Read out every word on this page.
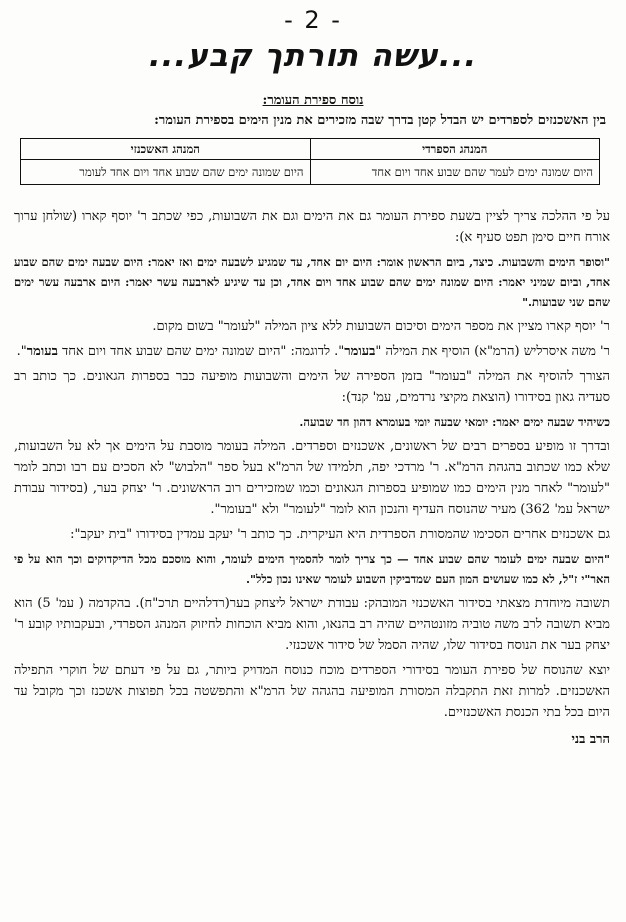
- 2 -
...עשה תורתך קבע...
נוסח ספירת העומר:
בין האשכנזים לספרדים יש הבדל קטן בדרך שבה מזכירים את מנין הימים בספירת העומר:
המנהג הספרדי	המנהג האשכנזי
היום שמונה ימים לעמר שהם שבוע אחד ויום אחד	היום שמונה ימים שהם שבוע אחד ויום אחד לעומר

על פי ההלכה צריך לציין בשעת ספירת העומר גם את הימים וגם את השבועות, כפי שכתב ר' יוסף קארו (שולחן ערוך אורח חיים סימן תפט סעיף א):

"וסופר הימים והשבועות. כיצד, ביום הראשון אומר: היום יום אחד, עד שמגיע לשבעה ימים ואז יאמר: היום שבעה ימים שהם שבוע אחד, וביום שמיני יאמר: היום שמונה ימים שהם שבוע אחד ויום אחד, וכן עד שיגיע לארבעה עשר יאמר: היום ארבעה עשר ימים שהם שני שבועות."

ר' יוסף קארו מציין את מספר הימים וסיכום השבועות ללא ציון המילה "לעומר" בשום מקום.

ר' משה איסרליש (הרמ"א) הוסיף את המילה "בעומר". לדוגמה: "היום שמונה ימים שהם שבוע אחד ויום אחד בעומר".

הצורך להוסיף את המילה "בעומר" בזמן הספירה של הימים והשבועות מופיעה כבר בספרות הגאונים. כך כותב רב סעדיה גאון בסידורו (הוצאת מקיצי נרדמים, עמ' קנד):

כשיהיד שבעה ימים יאמר: יומאי שבעה יומי בעומרא דהון חד שבועה.

ובדרך זו מופיע בספרים רבים של ראשונים, אשכנזים וספרדים. המילה בעומר מוסבת על הימים אך לא על השבועות, שלא כמו שכתוב בהגהת הרמ"א. ר' מרדכי יפה, תלמידו של הרמ"א בעל ספר "הלבוש" לא הסכים עם רבו וכתב לומר "לעומר" לאחר מנין הימים כמו שמופיע בספרות הגאונים וכמו שמזכירים רוב הראשונים. ר' יצחק בער, (בסידור עבודת ישראל עמ' 362) מעיר שהנוסח העדיף והנכון הוא לומר "לעומר" ולא "בעומר".

גם אשכנזים אחרים הסכימו שהמסורת הספרדית היא העיקרית. כך כותב ר' יעקב עמדין בסידורו "בית יעקב":

"היום שבעה ימים לעומר שהם שבוע אחד — כך צריך לומר להסמיך הימים לעומר, והוא מוסכם מכל הדיקדוקים וכך הוא על פי האר"י ז"ל, לא כמו שעושים המון העם שמדביקין השבוע לעומר שאינו נכון כלל".

תשובה מיוחדת מצאתי בסידור האשכנזי המובהק: עבודת ישראל ליצחק בער(רדלהיים תרכ"ח). בהקדמה ( עמ' 5) הוא מביא תשובה לרב משה טוביה מזונטהיים שהיה רב בהנאו, והוא מביא הוכחות לחיזוק המנהג הספרדי, ובעקבותיו קובע ר' יצחק בער את הנוסח בסידור שלו, שהיה הסמל של סידור אשכנזי.

יוצא שהנוסח של ספירת העומר בסידורי הספרדים מוכח כנוסח המדויק ביותר, גם על פי דעתם של חוקרי התפילה האשכנזים. למרות זאת התקבלה המסורת המופיעה בהגהה של הרמ"א והתפשטה בכל תפוצות אשכנז וכך מקובל עד היום בכל בתי הכנסת האשכנזיים.

הרב בני
